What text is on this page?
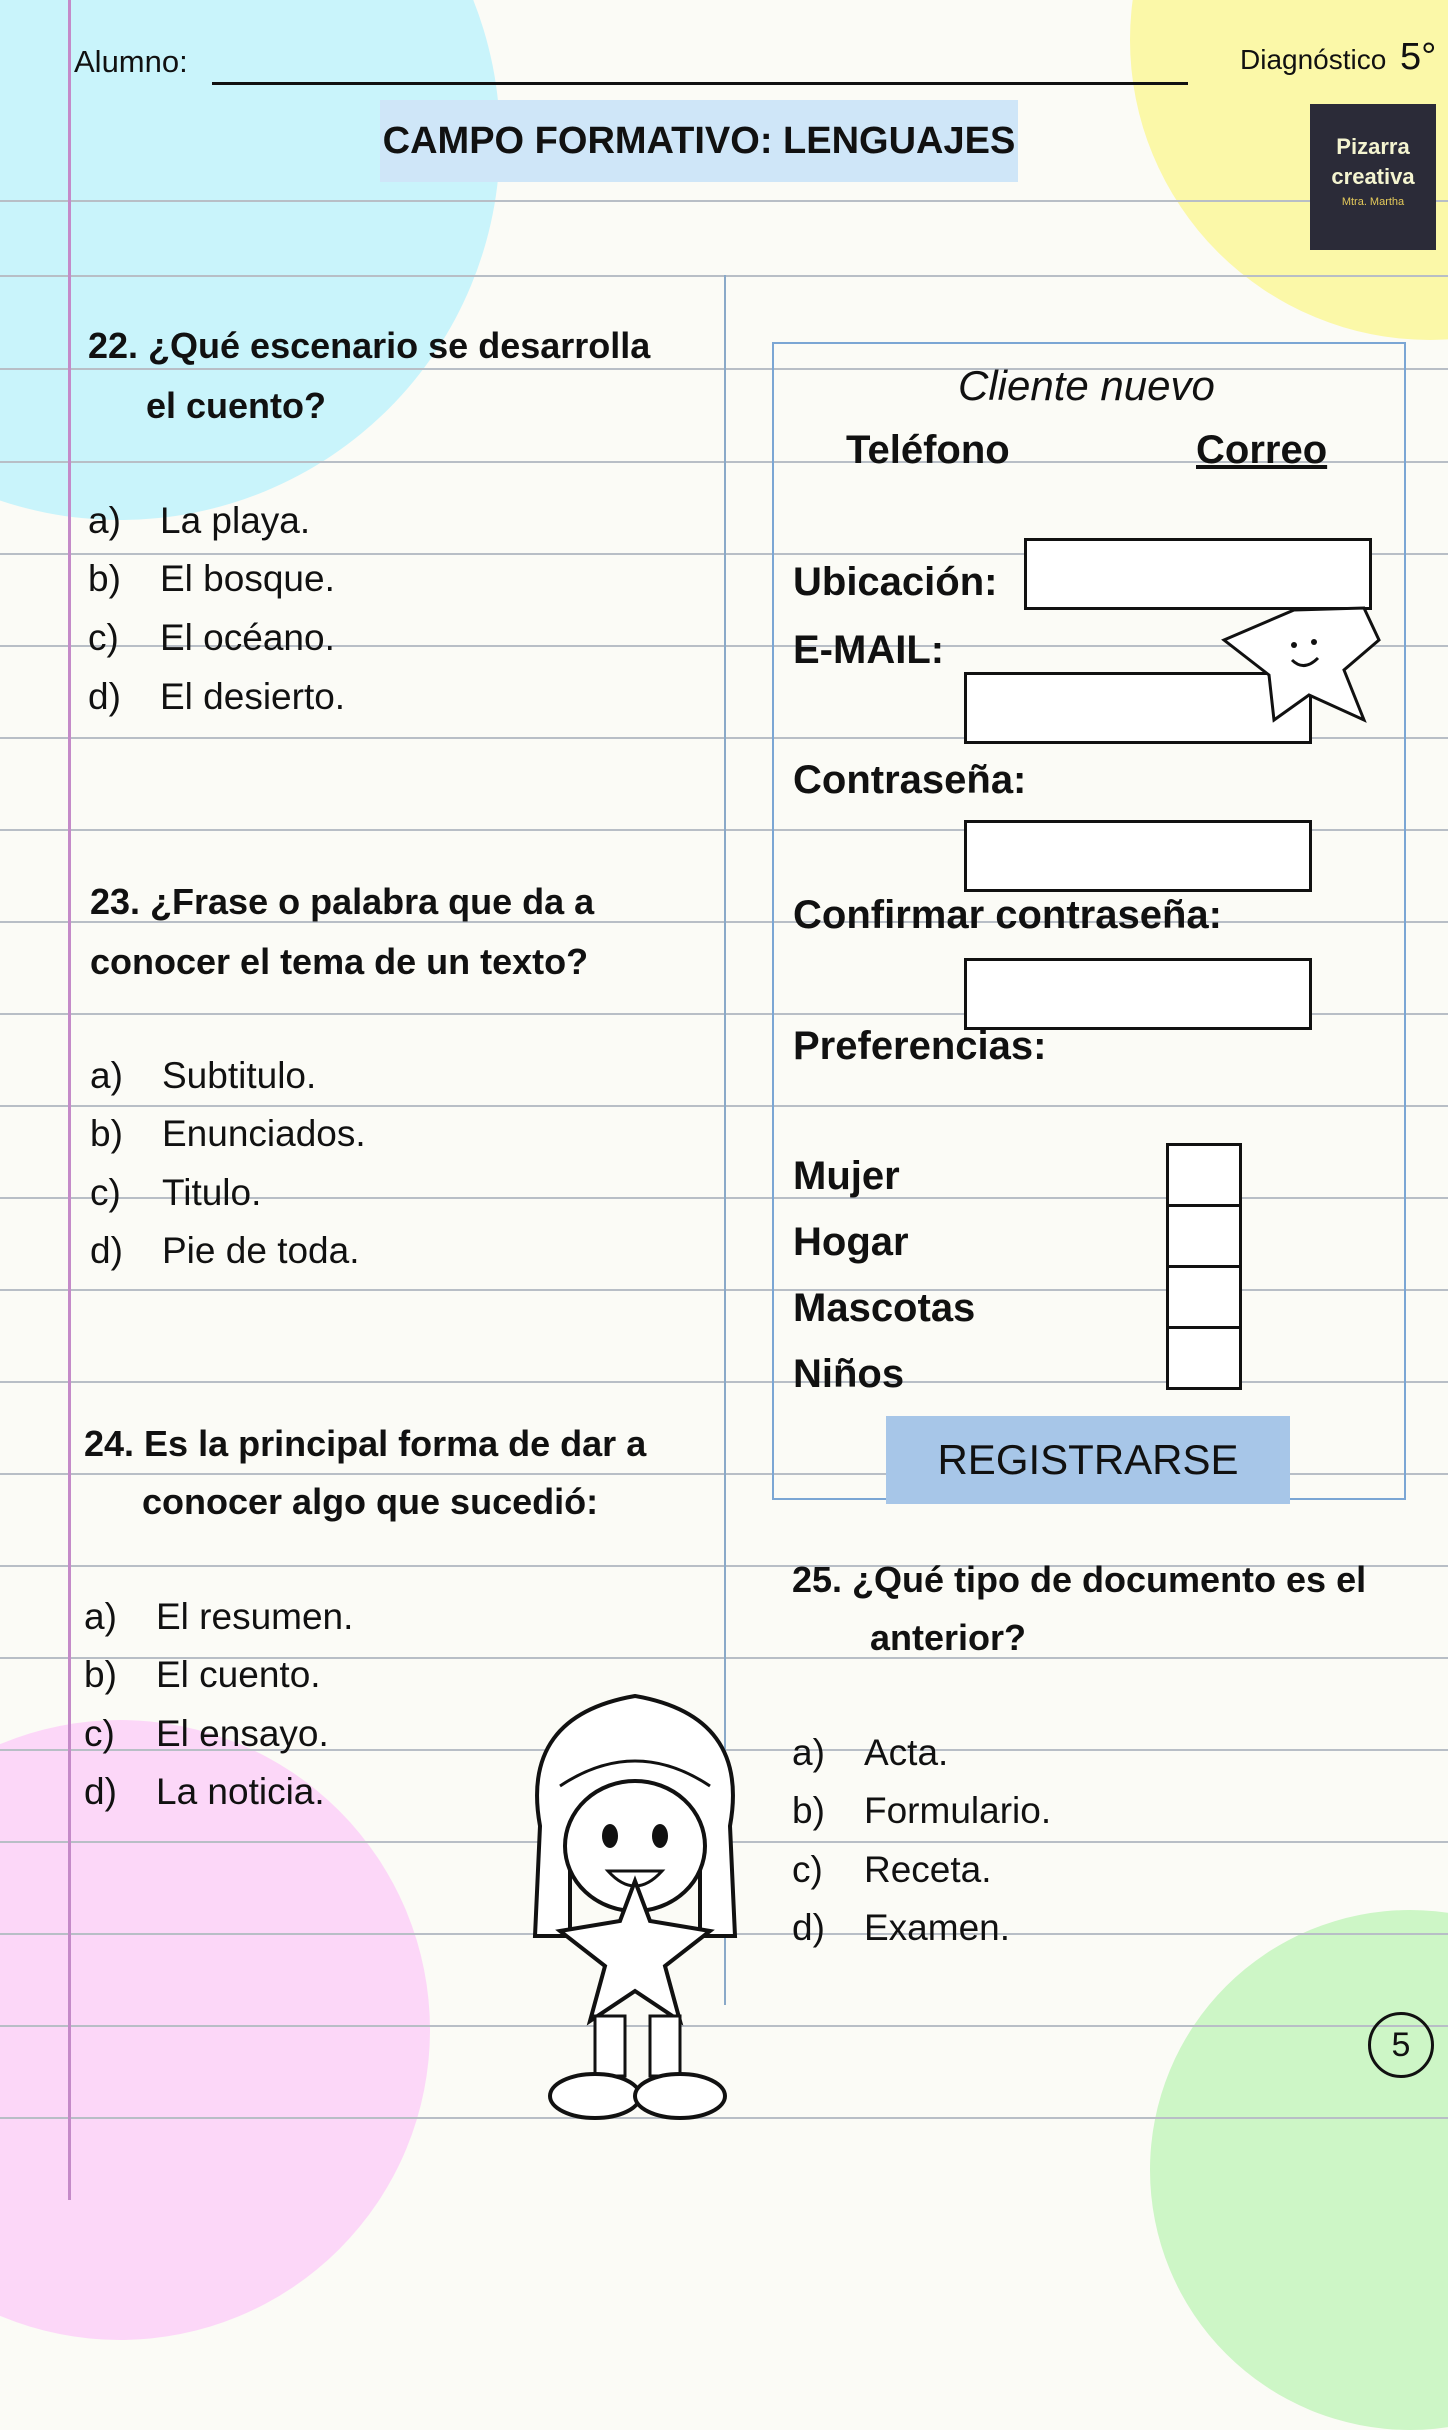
Alumno:	Diagnóstico 5°
CAMPO FORMATIVO: LENGUAJES	Pizarra
creativa
Mtra. Martha
22. ¿Qué escenario se desarrolla
el cuento?
a) La playa.
b) El bosque.
c) El océano.
d) El desierto.
23. ¿Frase o palabra que da a
conocer el tema de un texto?
a) Subtitulo.
b) Enunciados.
c) Titulo.
d) Pie de toda.
24. Es la principal forma de dar a
conocer algo que sucedió:
a) El resumen.
b) El cuento.
c) El ensayo.
d) La noticia.
Cliente nuevo
Teléfono	Correo
Ubicación:
E-MAIL:
Contraseña:
Confirmar contraseña:
Preferencias:
Mujer
Hogar
Mascotas
Niños
REGISTRARSE
25. ¿Qué tipo de documento es el
anterior?
a) Acta.
b) Formulario.
c) Receta.
d) Examen.
5
